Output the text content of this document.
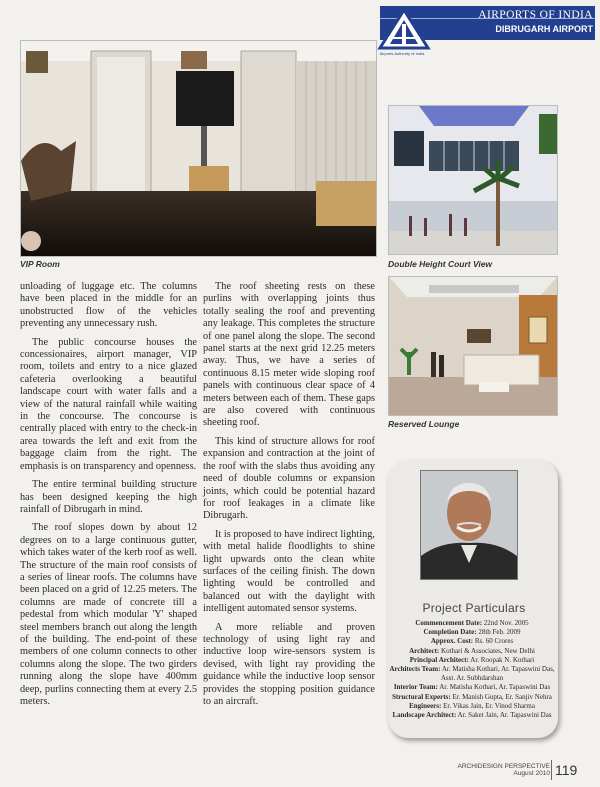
AIRPORTS OF INDIA
DIBRUGARH AIRPORT
Airports Authority of India
VIP Room	Double Height Court View
Reserved Lounge

unloading of luggage etc. The columns have been placed in the middle for an unobstructed flow of the vehicles preventing any unnecessary rush.

The public concourse houses the concessionaires, airport manager, VIP room, toilets and entry to a nice glazed cafeteria overlooking a beautiful landscape court with water falls and a view of the natural rainfall while waiting in the concourse. The concourse is centrally placed with entry to the check-in area towards the left and exit from the baggage claim from the right. The emphasis is on transparency and openness.

The entire terminal building structure has been designed keeping the high rainfall of Dibrugarh in mind.

The roof slopes down by about 12 degrees on to a large continuous gutter, which takes water of the kerb roof as well. The structure of the main roof consists of a series of linear roofs. The columns have been placed on a grid of 12.25 meters. The columns are made of concrete till a pedestal from which modular 'Y' shaped steel members branch out along the length of the building. The end-point of these members of one column connects to other columns along the slope. The two girders running along the slope have 400mm deep, purlins connecting them at every 2.5 meters.

The roof sheeting rests on these purlins with overlapping joints thus totally sealing the roof and preventing any leakage. This completes the structure of one panel along the slope. The second panel starts at the next grid 12.25 meters away. Thus, we have a series of continuous 8.15 meter wide sloping roof panels with continuous clear space of 4 meters between each of them. These gaps are also covered with continuous sheeting roof.

This kind of structure allows for roof expansion and contraction at the joint of the roof with the slabs thus avoiding any need of double columns or expansion joints, which could be potential hazard for roof leakages in a climate like Dibrugarh.

It is proposed to have indirect lighting, with metal halide floodlights to shine light upwards onto the clean white surfaces of the ceiling finish. The down lighting would be controlled and balanced out with the daylight with intelligent automated sensor systems.

A more reliable and proven technology of using light ray and inductive loop wire-sensors system is devised, with light ray providing the guidance while the inductive loop sensor provides the stopping position guidance to an aircraft.

Project Particulars
Commencement Date: 22nd Nov. 2005
Completion Date: 28th Feb. 2009
Approx. Cost: Rs. 60 Crores
Architect: Kothari & Associates, New Delhi
Principal Architect: Ar. Roopak N. Kothari
Architects Team: Ar. Matisha Kothari, Ar. Tapaswini Das, Asst. Ar. Subhdarshan
Interior Team: Ar. Matisha Kothari, Ar. Tapaswini Das
Structural Experts: Er. Manish Gupta, Er. Sanjiv Nehra
Engineers: Er. Vikas Jain, Er. Vinod Sharma
Landscape Architect: Ar. Saket Jain, Ar. Tapaswini Das
ARCHIDESIGN PERSPECTIVE
August 2010 119
